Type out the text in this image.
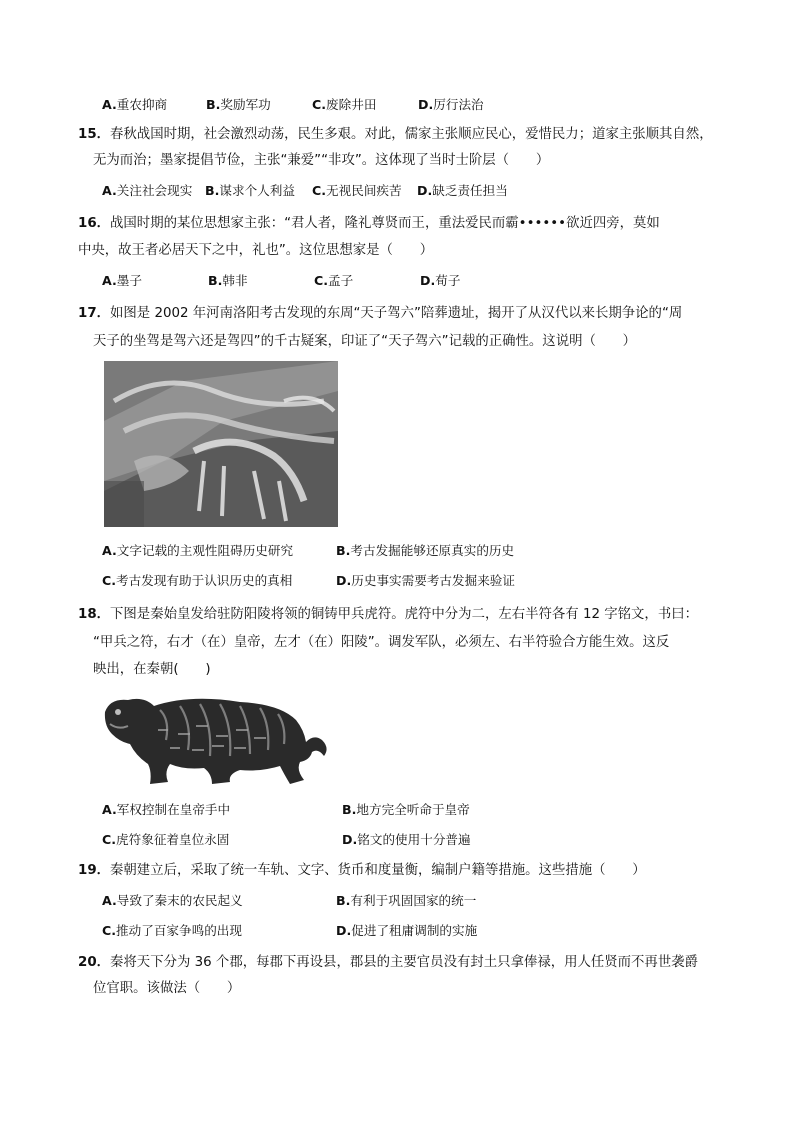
A.重农抑商	B.奖励军功	C.废除井田	D.厉行法治
15．春秋战国时期，社会激烈动荡，民生多艰。对此，儒家主张顺应民心，爱惜民力；道家主张顺其自然，
无为而治；墨家提倡节俭，主张“兼爱”“非攻”。这体现了当时士阶层（　　）
A.关注社会现实 B.谋求个人利益 C.无视民间疾苦 D.缺乏责任担当
16．战国时期的某位思想家主张：“君人者，隆礼尊贤而王，重法爱民而霸••••••欲近四旁，莫如
中央，故王者必居天下之中，礼也”。这位思想家是（　　）
A.墨子	B.韩非	C.孟子	D.荀子
17．如图是 2002 年河南洛阳考古发现的东周“天子驾六”陪葬遗址，揭开了从汉代以来长期争论的“周
天子的坐驾是驾六还是驾四”的千古疑案，印证了“天子驾六”记载的正确性。这说明（　　）
A.文字记载的主观性阻碍历史研究	B.考古发掘能够还原真实的历史
C.考古发现有助于认识历史的真相	D.历史事实需要考古发掘来验证
18．下图是秦始皇发给驻防阳陵将领的铜铸甲兵虎符。虎符中分为二，左右半符各有 12 字铭文，书曰：
“甲兵之符，右才（在）皇帝，左才（在）阳陵”。调发军队，必须左、右半符验合方能生效。这反
映出，在秦朝(　　)
A.军权控制在皇帝手中	B.地方完全听命于皇帝
C.虎符象征着皇位永固	D.铭文的使用十分普遍
19．秦朝建立后，采取了统一车轨、文字、货币和度量衡，编制户籍等措施。这些措施（　　）
A.导致了秦末的农民起义	B.有利于巩固国家的统一
C.推动了百家争鸣的出现	D.促进了租庸调制的实施
20．秦将天下分为 36 个郡，每郡下再设县，郡县的主要官员没有封土只拿俸禄，用人任贤而不再世袭爵
位官职。该做法（　　）
